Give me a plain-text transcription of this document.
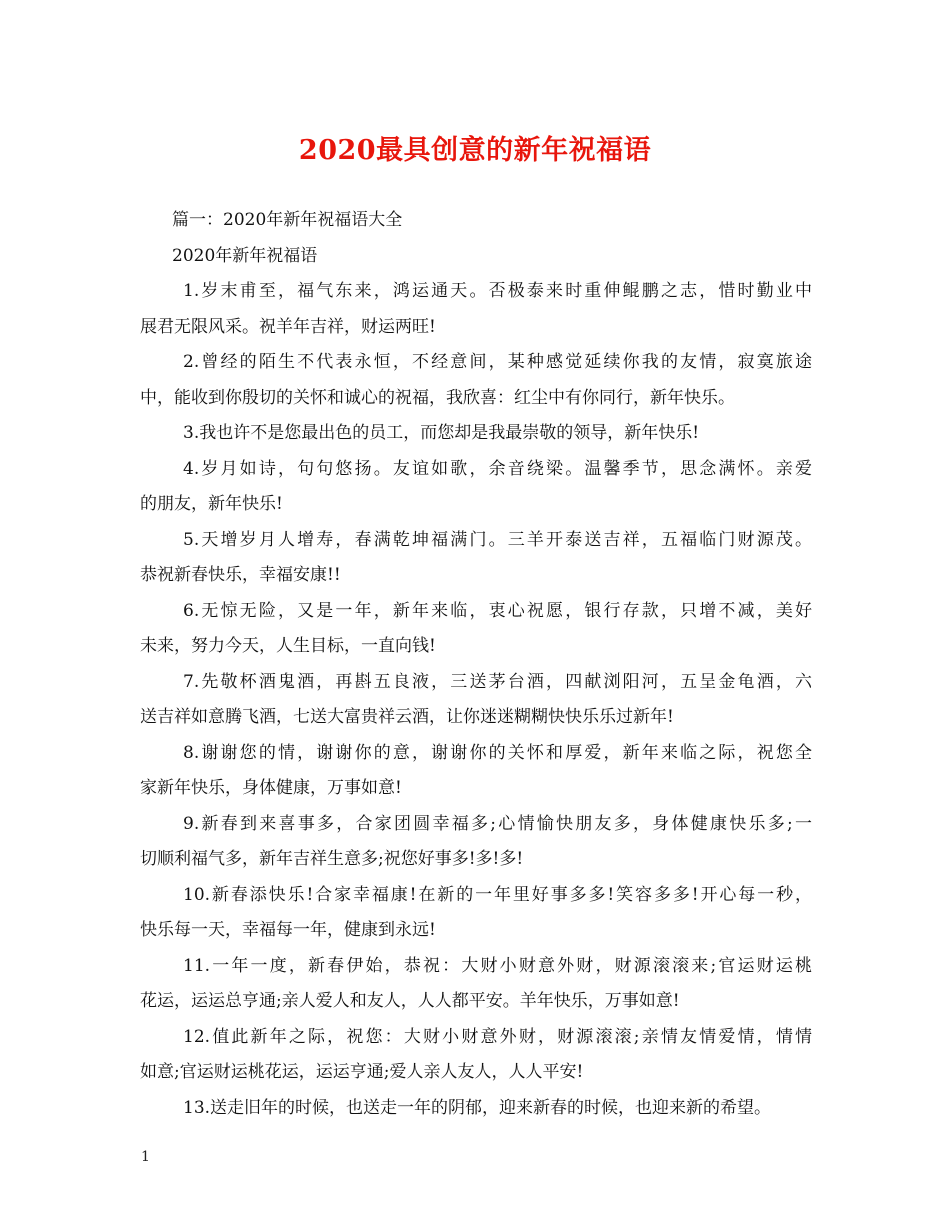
2020最具创意的新年祝福语
篇一：2020年新年祝福语大全
2020年新年祝福语
1.岁末甫至，福气东来，鸿运通天。否极泰来时重伸鲲鹏之志，惜时勤业中
展君无限风采。祝羊年吉祥，财运两旺!
2.曾经的陌生不代表永恒，不经意间，某种感觉延续你我的友情，寂寞旅途
中，能收到你殷切的关怀和诚心的祝福，我欣喜：红尘中有你同行，新年快乐。
3.我也许不是您最出色的员工，而您却是我最崇敬的领导，新年快乐!
4.岁月如诗，句句悠扬。友谊如歌，余音绕梁。温馨季节，思念满怀。亲爱
的朋友，新年快乐!
5.天增岁月人增寿，春满乾坤福满门。三羊开泰送吉祥，五福临门财源茂。
恭祝新春快乐，幸福安康!!
6.无惊无险，又是一年，新年来临，衷心祝愿，银行存款，只增不减，美好
未来，努力今天，人生目标，一直向钱!
7.先敬杯酒鬼酒，再斟五良液，三送茅台酒，四献浏阳河，五呈金龟酒，六
送吉祥如意腾飞酒，七送大富贵祥云酒，让你迷迷糊糊快快乐乐过新年!
8.谢谢您的情，谢谢你的意，谢谢你的关怀和厚爱，新年来临之际，祝您全
家新年快乐，身体健康，万事如意!
9.新春到来喜事多，合家团圆幸福多;心情愉快朋友多，身体健康快乐多;一
切顺利福气多，新年吉祥生意多;祝您好事多!多!多!
10.新春添快乐!合家幸福康!在新的一年里好事多多!笑容多多!开心每一秒，
快乐每一天，幸福每一年，健康到永远!
11.一年一度，新春伊始，恭祝：大财小财意外财，财源滚滚来;官运财运桃
花运，运运总亨通;亲人爱人和友人，人人都平安。羊年快乐，万事如意!
12.值此新年之际，祝您：大财小财意外财，财源滚滚;亲情友情爱情，情情
如意;官运财运桃花运，运运亨通;爱人亲人友人，人人平安!
13.送走旧年的时候，也送走一年的阴郁，迎来新春的时候，也迎来新的希望。
1
